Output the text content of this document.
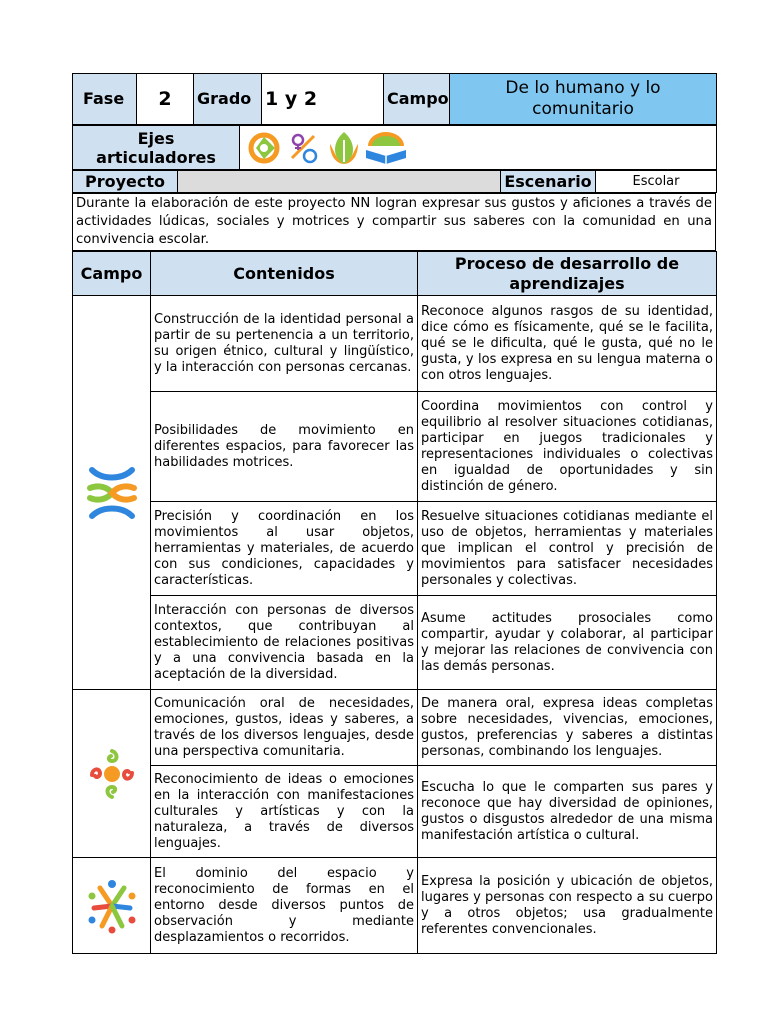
Fase	2	Grado	1 y 2	Campo	De lo humano y lo comunitario
Ejes articuladores	
Proyecto		Escenario	Escolar
Durante la elaboración de este proyecto NN logran expresar sus gustos y aficiones a través de actividades lúdicas, sociales y motrices y compartir sus saberes con la comunidad en una convivencia escolar.
Campo	Contenidos	Proceso de desarrollo de aprendizajes

	Construcción de la identidad personal a partir de su pertenencia a un territorio, su origen étnico, cultural y lingüístico, y la interacción con personas cercanas.	Reconoce algunos rasgos de su identidad, dice cómo es físicamente, qué se le facilita, qué se le dificulta, qué le gusta, qué no le gusta, y los expresa en su lengua materna o con otros lenguajes.
	Posibilidades de movimiento en diferentes espacios, para favorecer las habilidades motrices.	Coordina movimientos con control y equilibrio al resolver situaciones cotidianas, participar en juegos tradicionales y representaciones individuales o colectivas en igualdad de oportunidades y sin distinción de género.
	Precisión y coordinación en los movimientos al usar objetos, herramientas y materiales, de acuerdo con sus condiciones, capacidades y características.	Resuelve situaciones cotidianas mediante el uso de objetos, herramientas y materiales que implican el control y precisión de movimientos para satisfacer necesidades personales y colectivas.
	Interacción con personas de diversos contextos, que contribuyan al establecimiento de relaciones positivas y a una convivencia basada en la aceptación de la diversidad.	Asume actitudes prosociales como compartir, ayudar y colaborar, al participar y mejorar las relaciones de convivencia con las demás personas.

	Comunicación oral de necesidades, emociones, gustos, ideas y saberes, a través de los diversos lenguajes, desde una perspectiva comunitaria.	De manera oral, expresa ideas completas sobre necesidades, vivencias, emociones, gustos, preferencias y saberes a distintas personas, combinando los lenguajes.
	Reconocimiento de ideas o emociones en la interacción con manifestaciones culturales y artísticas y con la naturaleza, a través de diversos lenguajes.	Escucha lo que le comparten sus pares y reconoce que hay diversidad de opiniones, gustos o disgustos alrededor de una misma manifestación artística o cultural.

	El dominio del espacio y reconocimiento de formas en el entorno desde diversos puntos de observación y mediante desplazamientos o recorridos.	Expresa la posición y ubicación de objetos, lugares y personas con respecto a su cuerpo y a otros objetos; usa gradualmente referentes convencionales.
